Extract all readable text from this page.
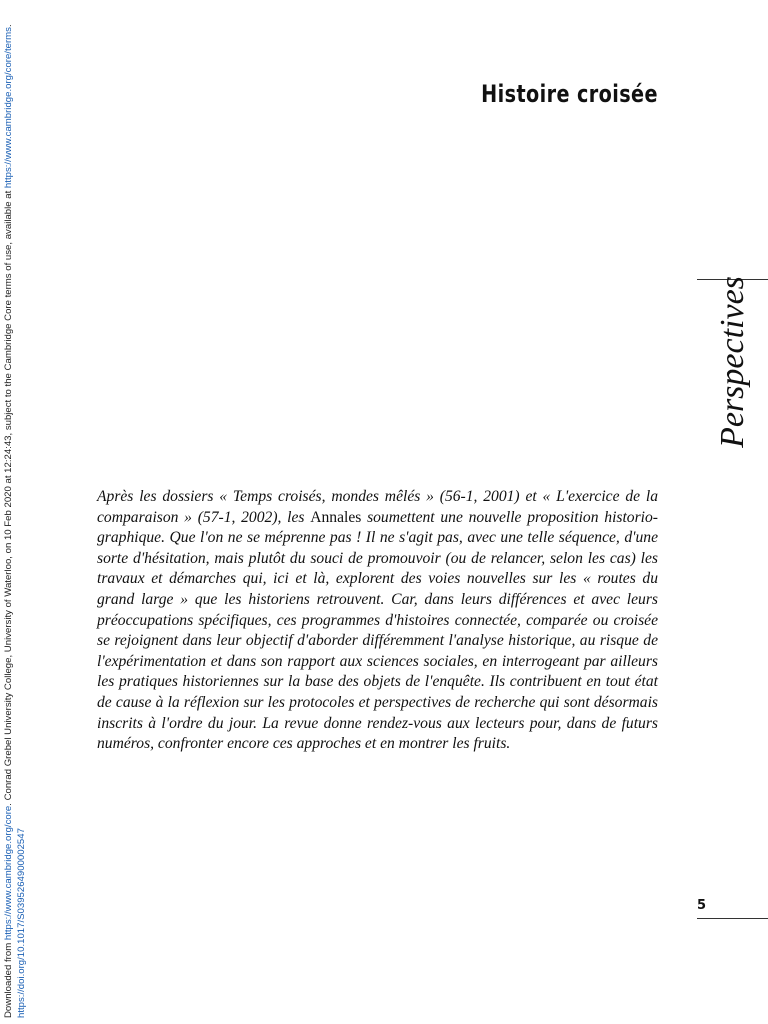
Downloaded from https://www.cambridge.org/core. Conrad Grebel University College, University of Waterloo, on 10 Feb 2020 at 12:24:43, subject to the Cambridge Core terms of use, available at https://www.cambridge.org/core/terms.
https://doi.org/10.1017/S0395264900002547
Histoire croisée
Perspectives

Après les dossiers « Temps croisés, mondes mêlés » (56-1, 2001) et « L'exercice de la comparaison » (57-1, 2002), les Annales soumettent une nouvelle proposition historiographique. Que l'on ne se méprenne pas ! Il ne s'agit pas, avec une telle séquence, d'une sorte d'hésitation, mais plutôt du souci de promouvoir (ou de relancer, selon les cas) les travaux et démarches qui, ici et là, explorent des voies nouvelles sur les « routes du grand large » que les historiens retrouvent. Car, dans leurs différences et avec leurs préoccupations spécifiques, ces programmes d'histoires connectée, comparée ou croisée se rejoignent dans leur objectif d'aborder différemment l'analyse historique, au risque de l'expérimentation et dans son rapport aux sciences sociales, en interrogeant par ailleurs les pratiques historiennes sur la base des objets de l'enquête. Ils contribuent en tout état de cause à la réflexion sur les protocoles et perspectives de recherche qui sont désormais inscrits à l'ordre du jour. La revue donne rendez-vous aux lecteurs pour, dans de futurs numéros, confronter encore ces approches et en montrer les fruits.

5
